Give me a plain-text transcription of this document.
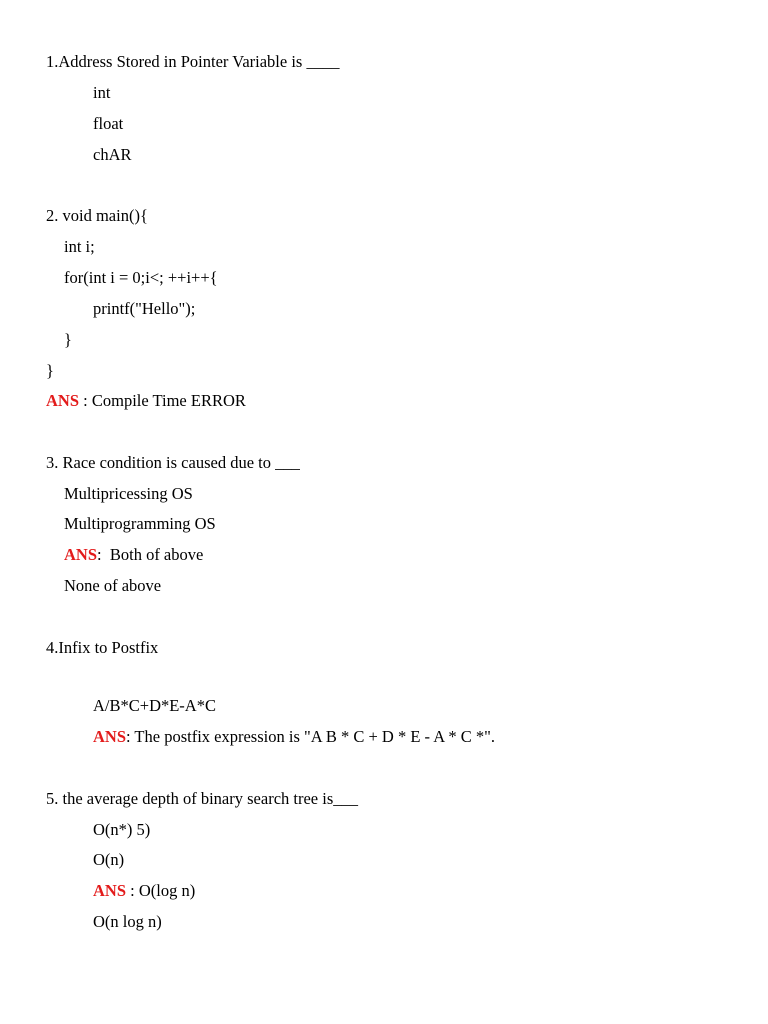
1.Address Stored in Pointer Variable is ____
int
float
chAR
2. void main(){
int i;
for(int i = 0;i<; ++i++{
printf("Hello");
}
}
ANS : Compile Time ERROR
3. Race condition is caused due to ___
Multipricessing OS
Multiprogramming OS
ANS:  Both of above
None of above
4.Infix to Postfix
A/B*C+D*E-A*C
ANS: The postfix expression is "A B * C + D * E - A * C *".
5. the average depth of binary search tree is___
O(n*) 5)
O(n)
ANS : O(log n)
O(n log n)
